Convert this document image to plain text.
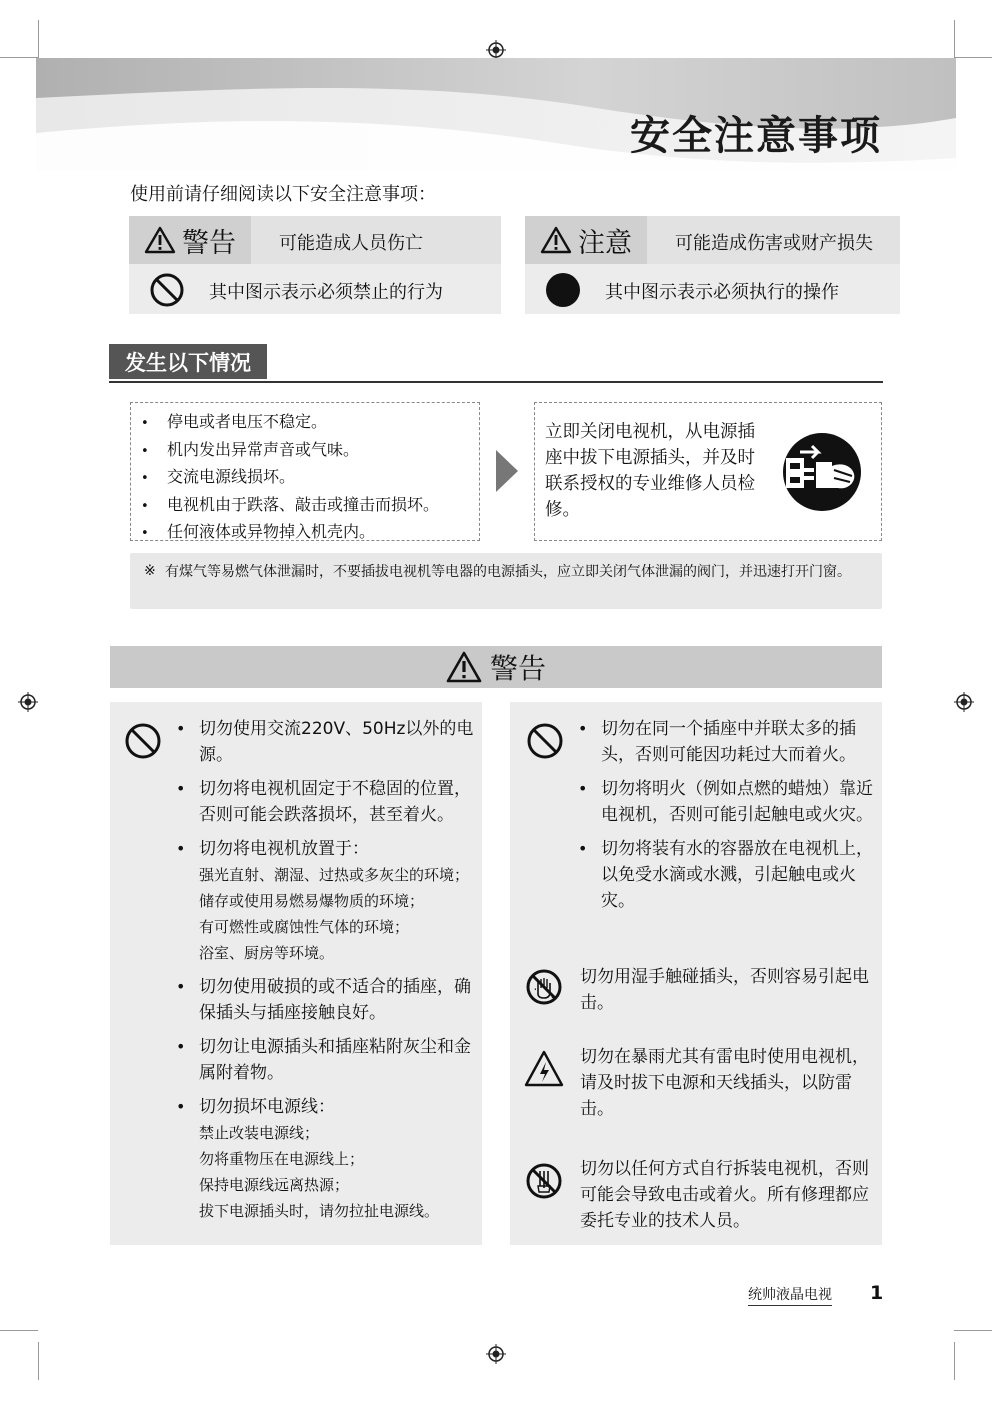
安全注意事项
使用前请仔细阅读以下安全注意事项：
警告 可能造成人员伤亡
其中图示表示必须禁止的行为
注意 可能造成伤害或财产损失
其中图示表示必须执行的操作
发生以下情况
• 停电或者电压不稳定。
• 机内发出异常声音或气味。
• 交流电源线损坏。
• 电视机由于跌落、敲击或撞击而损坏。
• 任何液体或异物掉入机壳内。
立即关闭电视机，从电源插座中拔下电源插头，并及时联系授权的专业维修人员检修。
※ 有煤气等易燃气体泄漏时，不要插拔电视机等电器的电源插头，应立即关闭气体泄漏的阀门，并迅速打开门窗。
警告
• 切勿使用交流220V、50Hz以外的电源。
• 切勿将电视机固定于不稳固的位置，否则可能会跌落损坏，甚至着火。
• 切勿将电视机放置于：
强光直射、潮湿、过热或多灰尘的环境；
储存或使用易燃易爆物质的环境；
有可燃性或腐蚀性气体的环境；
浴室、厨房等环境。
• 切勿使用破损的或不适合的插座，确保插头与插座接触良好。
• 切勿让电源插头和插座粘附灰尘和金属附着物。
• 切勿损坏电源线：
禁止改装电源线；
勿将重物压在电源线上；
保持电源线远离热源；
拔下电源插头时，请勿拉扯电源线。
• 切勿在同一个插座中并联太多的插头，否则可能因功耗过大而着火。
• 切勿将明火（例如点燃的蜡烛）靠近电视机，否则可能引起触电或火灾。
• 切勿将装有水的容器放在电视机上，以免受水滴或水溅，引起触电或火灾。
切勿用湿手触碰插头，否则容易引起电击。
切勿在暴雨尤其有雷电时使用电视机，请及时拔下电源和天线插头，以防雷击。
切勿以任何方式自行拆装电视机，否则可能会导致电击或着火。所有修理都应委托专业的技术人员。
统帅液晶电视 1
